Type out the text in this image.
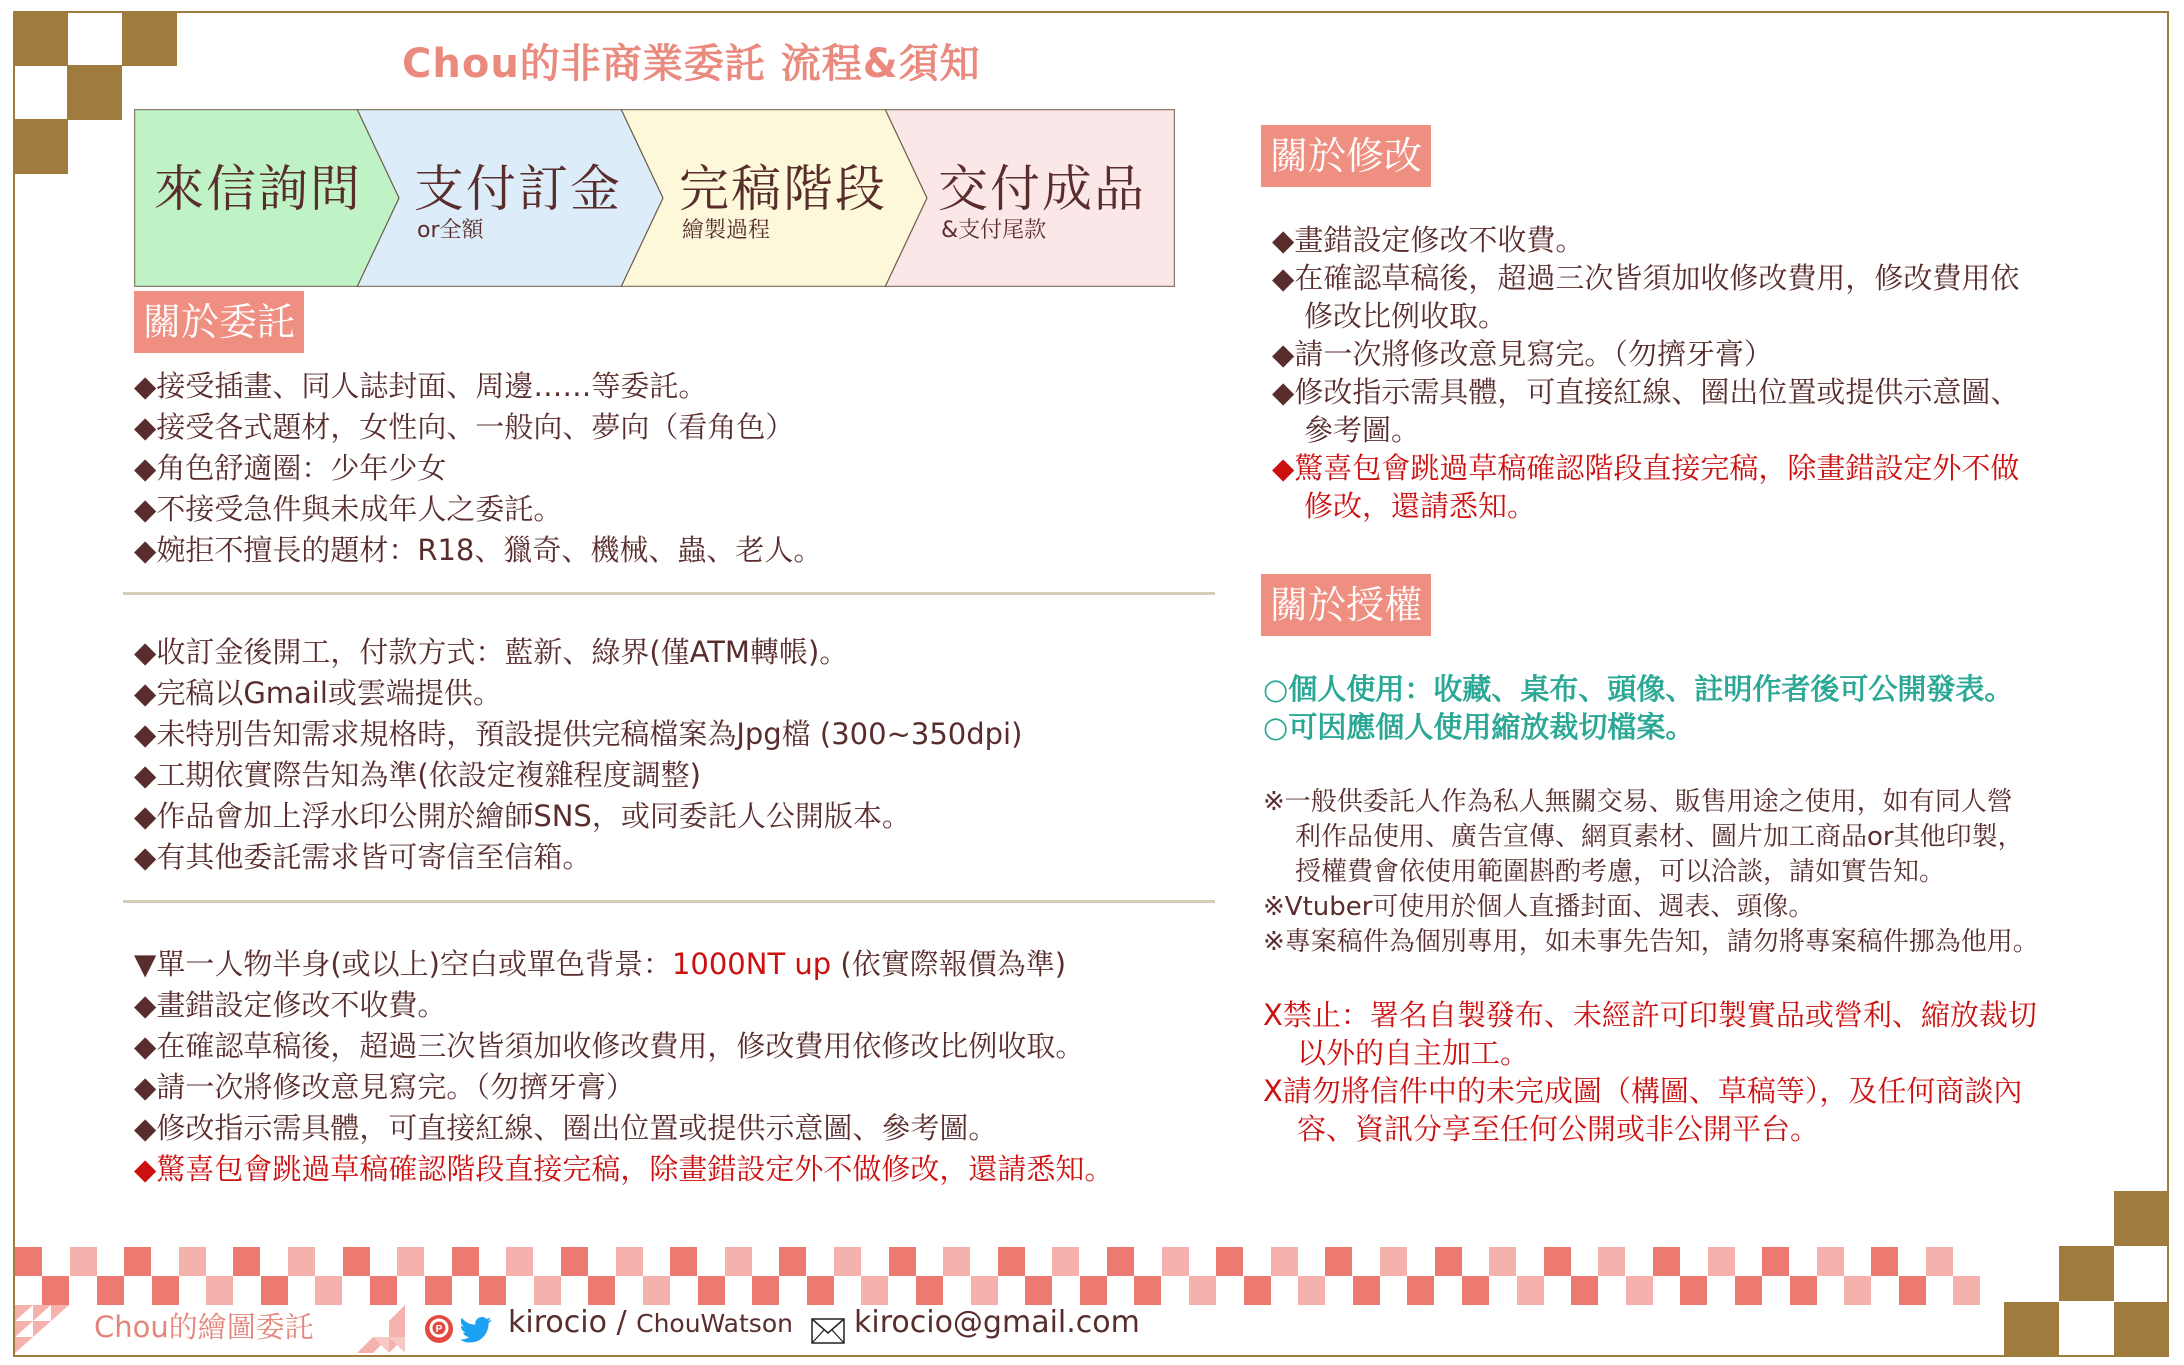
Chou的非商業委託 流程&須知
來信詢問 支付訂金
or全額
完稿階段
繪製過程
交付成品
&支付尾款
關於委託
◆接受插畫、同人誌封面、周邊……等委託。
◆接受各式題材，女性向、一般向、夢向（看角色）
◆角色舒適圈：少年少女
◆不接受急件與未成年人之委託。
◆婉拒不擅長的題材：R18、獵奇、機械、蟲、老人。
◆收訂金後開工，付款方式：藍新、綠界(僅ATM轉帳)。
◆完稿以Gmail或雲端提供。
◆未特別告知需求規格時，預設提供完稿檔案為Jpg檔 (300~350dpi)
◆工期依實際告知為準(依設定複雜程度調整)
◆作品會加上浮水印公開於繪師SNS，或同委託人公開版本。
◆有其他委託需求皆可寄信至信箱。
▼單一人物半身(或以上)空白或單色背景：1000NT up (依實際報價為準)
◆畫錯設定修改不收費。
◆在確認草稿後，超過三次皆須加收修改費用，修改費用依修改比例收取。
◆請一次將修改意見寫完。（勿擠牙膏）
◆修改指示需具體，可直接紅線、圈出位置或提供示意圖、參考圖。
◆驚喜包會跳過草稿確認階段直接完稿，除畫錯設定外不做修改，還請悉知。
關於修改
◆畫錯設定修改不收費。
◆在確認草稿後，超過三次皆須加收修改費用，修改費用依
修改比例收取。
◆請一次將修改意見寫完。（勿擠牙膏）
◆修改指示需具體，可直接紅線、圈出位置或提供示意圖、
參考圖。
◆驚喜包會跳過草稿確認階段直接完稿，除畫錯設定外不做
修改，還請悉知。
關於授權
○個人使用：收藏、桌布、頭像、註明作者後可公開發表。
○可因應個人使用縮放裁切檔案。
※一般供委託人作為私人無關交易、販售用途之使用，如有同人營
利作品使用、廣告宣傳、網頁素材、圖片加工商品or其他印製，
授權費會依使用範圍斟酌考慮，可以洽談，請如實告知。
※Vtuber可使用於個人直播封面、週表、頭像。
※專案稿件為個別專用，如未事先告知，請勿將專案稿件挪為他用。
X禁止：署名自製發布、未經許可印製實品或營利、縮放裁切
以外的自主加工。
X請勿將信件中的未完成圖（構圖、草稿等），及任何商談內
容、資訊分享至任何公開或非公開平台。
Chou的繪圖委託	P kirocio / ChouWatson kirocio@gmail.com
